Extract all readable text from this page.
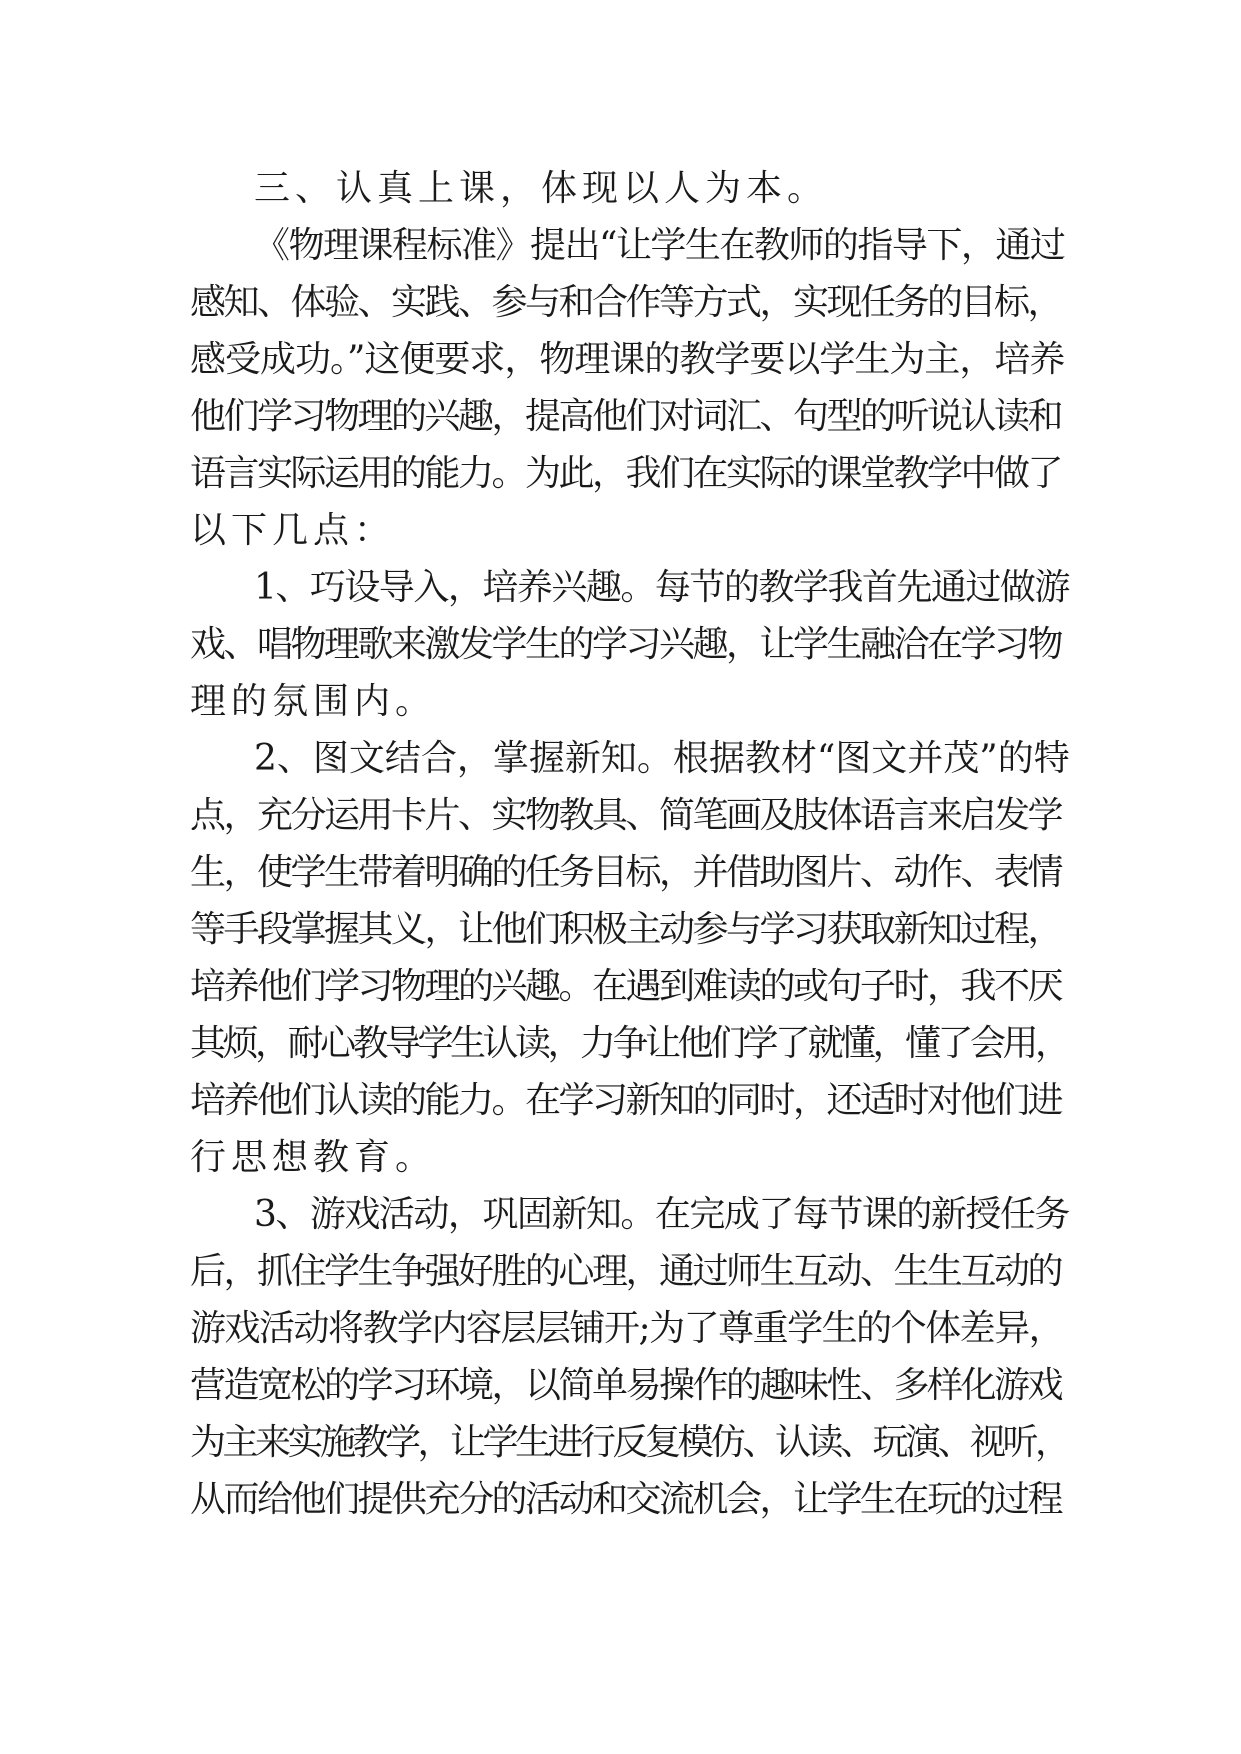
三、认真上课，体现以人为本。
《物理课程标准》提出“让学生在教师的指导下，通过
感知、体验、实践、参与和合作等方式，实现任务的目标，
感受成功。”这便要求，物理课的教学要以学生为主，培养
他们学习物理的兴趣，提高他们对词汇、句型的听说认读和
语言实际运用的能力。为此，我们在实际的课堂教学中做了
以下几点：
1、巧设导入，培养兴趣。每节的教学我首先通过做游
戏、唱物理歌来激发学生的学习兴趣，让学生融洽在学习物
理的氛围内。
2、图文结合，掌握新知。根据教材“图文并茂”的特
点，充分运用卡片、实物教具、简笔画及肢体语言来启发学
生，使学生带着明确的任务目标，并借助图片、动作、表情
等手段掌握其义，让他们积极主动参与学习获取新知过程，
培养他们学习物理的兴趣。在遇到难读的或句子时，我不厌
其烦，耐心教导学生认读，力争让他们学了就懂，懂了会用，
培养他们认读的能力。在学习新知的同时，还适时对他们进
行思想教育。
3、游戏活动，巩固新知。在完成了每节课的新授任务
后，抓住学生争强好胜的心理，通过师生互动、生生互动的
游戏活动将教学内容层层铺开;为了尊重学生的个体差异，
营造宽松的学习环境，以简单易操作的趣味性、多样化游戏
为主来实施教学，让学生进行反复模仿、认读、玩演、视听，
从而给他们提供充分的活动和交流机会，让学生在玩的过程
